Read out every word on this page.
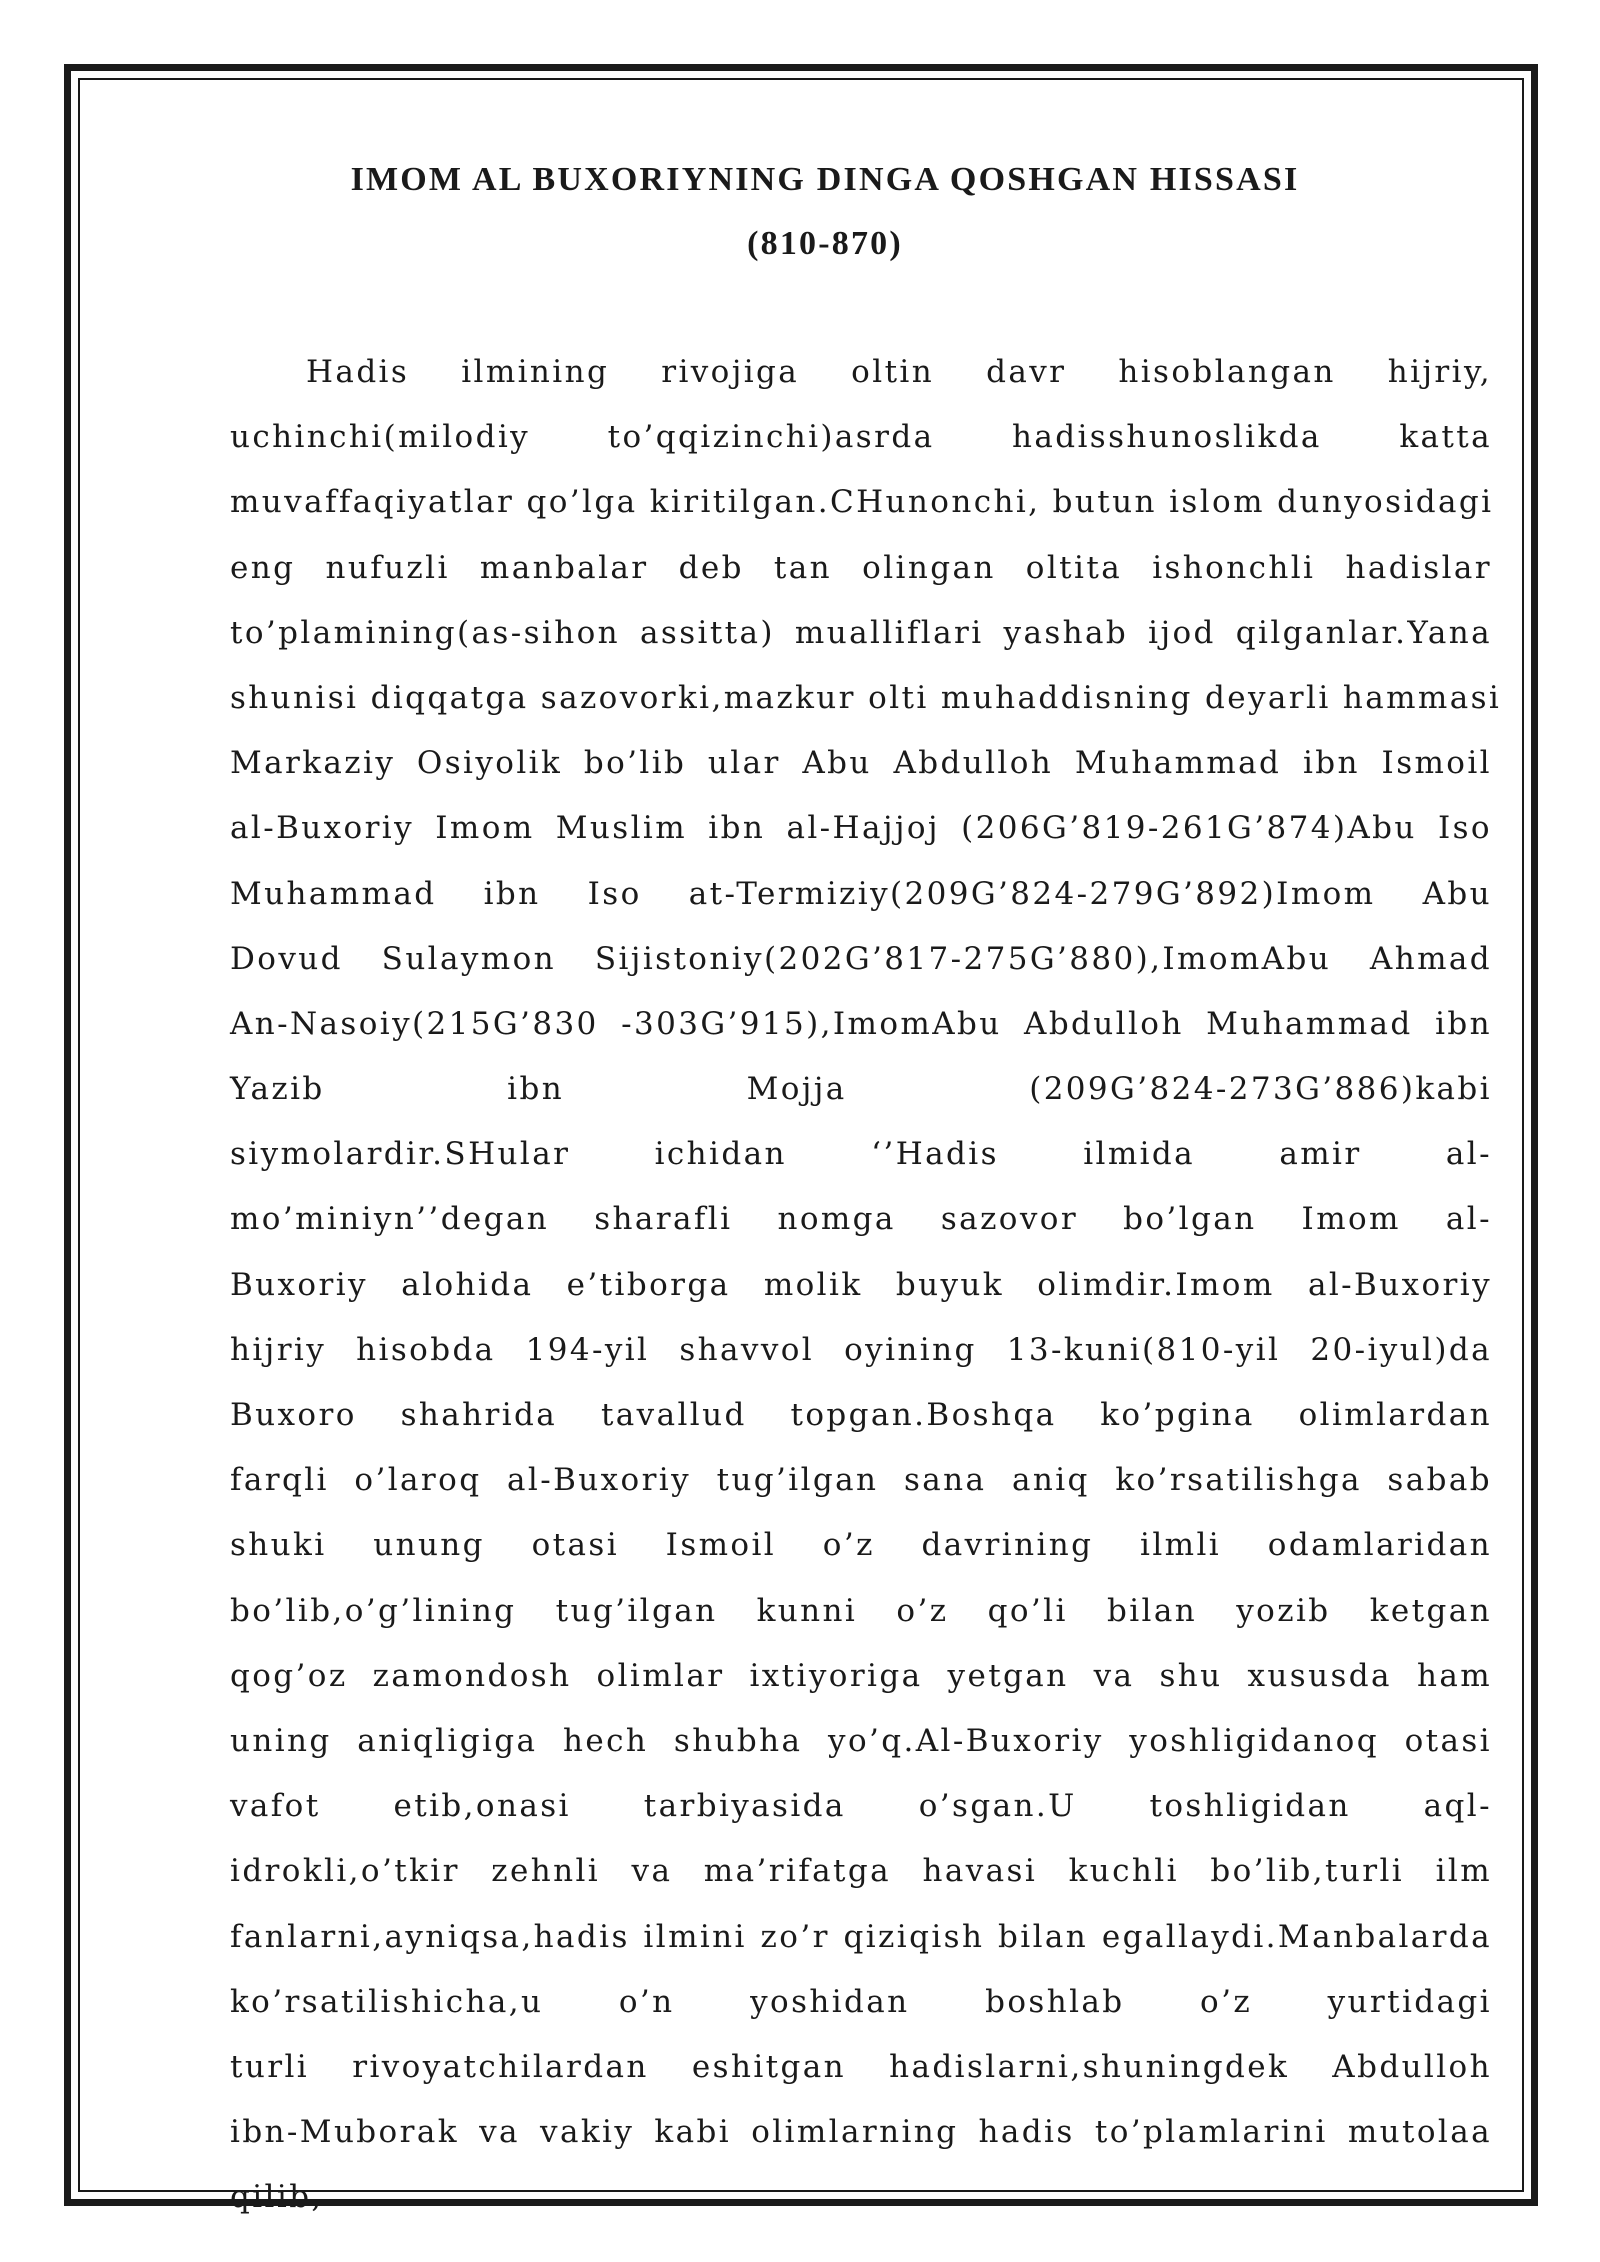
IMOM AL BUXORIYNING DINGA QOSHGAN HISSASI
(810-870)
Hadis ilmining rivojiga oltin davr hisoblangan hijriy,
uchinchi(milodiy to’qqizinchi)asrda hadisshunoslikda katta
muvaffaqiyatlar qo’lga kiritilgan.CHunonchi, butun islom dunyosidagi
eng nufuzli manbalar deb tan olingan oltita ishonchli hadislar
to’plamining(as-sihon assitta) mualliflari yashab ijod qilganlar.Yana
shunisi diqqatga sazovorki,mazkur olti muhaddisning deyarli hammasi
Markaziy Osiyolik bo’lib ular Abu Abdulloh Muhammad ibn Ismoil
al-Buxoriy Imom Muslim ibn al-Hajjoj (206G’819-261G’874)Abu Iso
Muhammad ibn Iso at-Termiziy(209G’824-279G’892)Imom Abu
Dovud Sulaymon Sijistoniy(202G’817-275G’880),ImomAbu Ahmad
An-Nasoiy(215G’830 -303G’915),ImomAbu Abdulloh Muhammad ibn
Yazib ibn Mojja (209G’824-273G’886)kabi
siymolardir.SHular ichidan ‘’Hadis ilmida amir al-
mo’miniyn’’degan sharafli nomga sazovor bo’lgan Imom al-
Buxoriy alohida e’tiborga molik buyuk olimdir.Imom al-Buxoriy
hijriy hisobda 194-yil shavvol oyining 13-kuni(810-yil 20-iyul)da
Buxoro shahrida tavallud topgan.Boshqa ko’pgina olimlardan
farqli o’laroq al-Buxoriy tug’ilgan sana aniq ko’rsatilishga sabab
shuki unung otasi Ismoil o’z davrining ilmli odamlaridan
bo’lib,o’g’lining tug’ilgan kunni o’z qo’li bilan yozib ketgan
qog’oz zamondosh olimlar ixtiyoriga yetgan va shu xususda ham
uning aniqligiga hech shubha yo’q.Al-Buxoriy yoshligidanoq otasi
vafot etib,onasi tarbiyasida o’sgan.U toshligidan aql-
idrokli,o’tkir zehnli va ma’rifatga havasi kuchli bo’lib,turli ilm
fanlarni,ayniqsa,hadis ilmini zo’r qiziqish bilan egallaydi.Manbalarda
ko’rsatilishicha,u o’n yoshidan boshlab o’z yurtidagi
turli rivoyatchilardan eshitgan hadislarni,shuningdek Abdulloh
ibn-Muborak va vakiy kabi olimlarning hadis to’plamlarini mutolaa
qilib,
